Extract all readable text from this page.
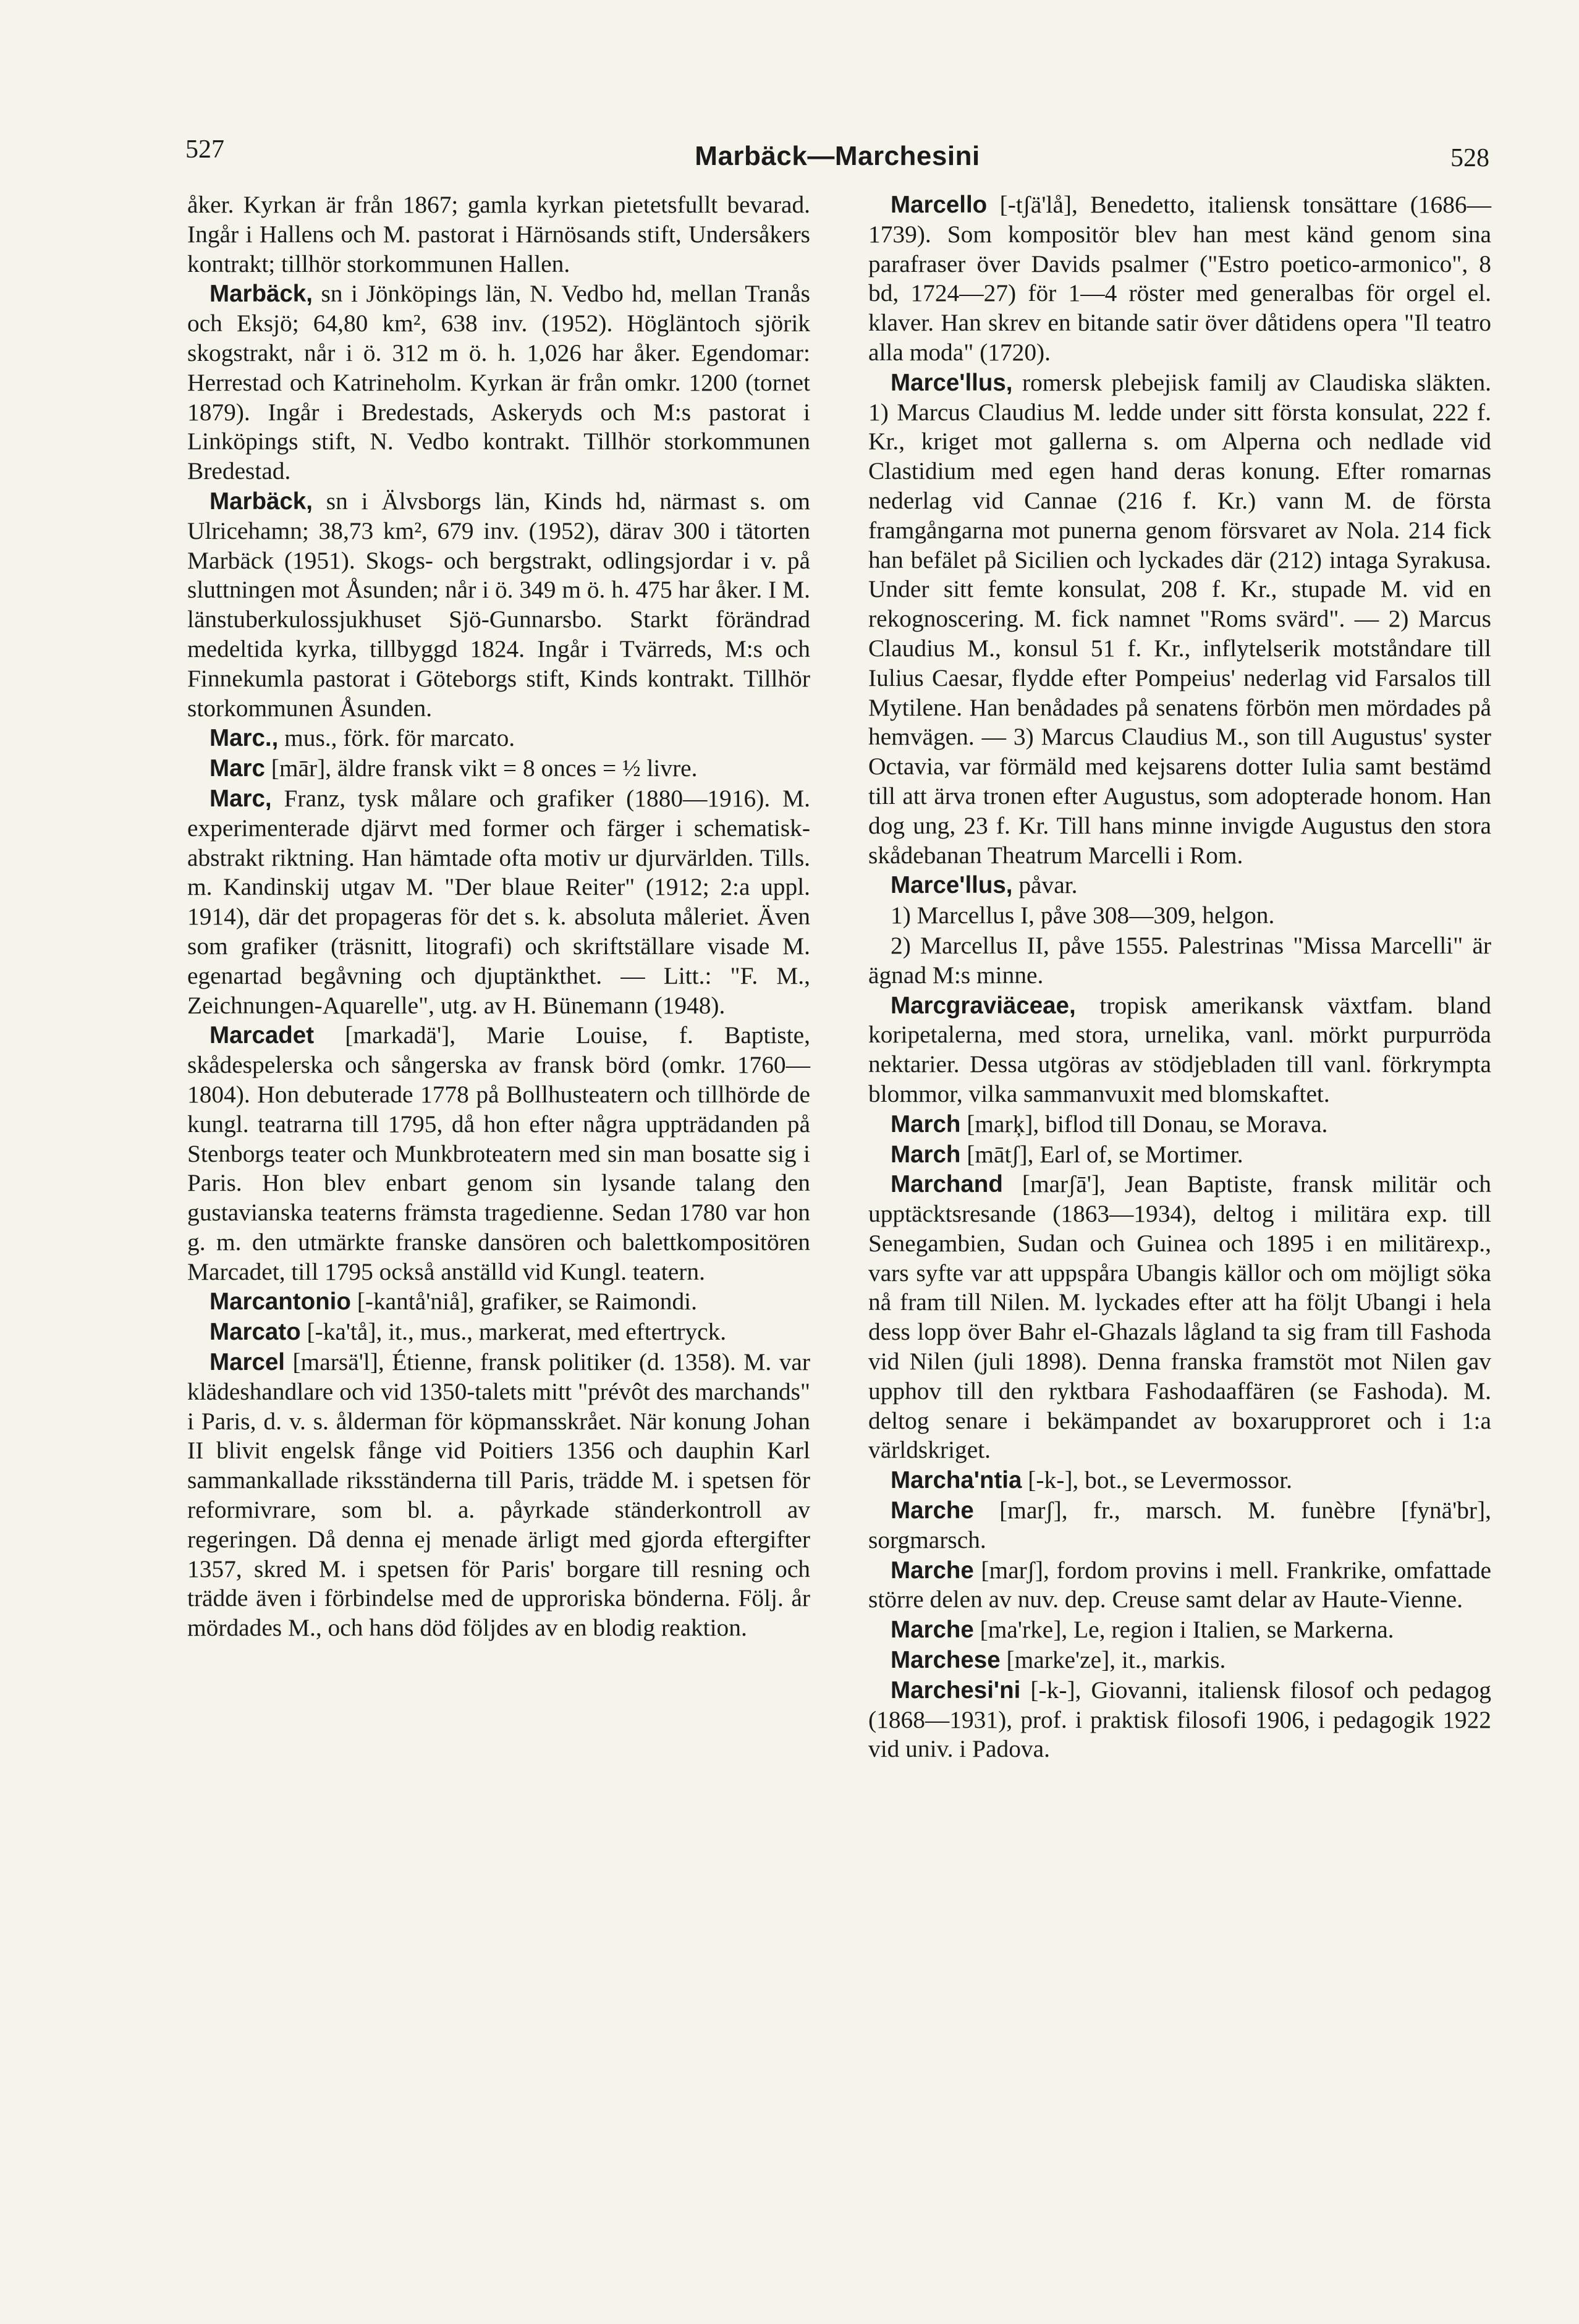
527	Marbäck—Marchesini	528

åker. Kyrkan är från 1867; gamla kyrkan pietetsfullt bevarad. Ingår i Hallens och M. pastorat i Härnösands stift, Undersåkers kontrakt; tillhör storkommunen Hallen.

Marbäck, sn i Jönköpings län, N. Vedbo hd, mellan Tranås och Eksjö; 64,80 km², 638 inv. (1952). Högläntoch sjörik skogstrakt, når i ö. 312 m ö. h. 1,026 har åker. Egendomar: Herrestad och Katrineholm. Kyrkan är från omkr. 1200 (tornet 1879). Ingår i Bredestads, Askeryds och M:s pastorat i Linköpings stift, N. Vedbo kontrakt. Tillhör storkommunen Bredestad.

Marbäck, sn i Älvsborgs län, Kinds hd, närmast s. om Ulricehamn; 38,73 km², 679 inv. (1952), därav 300 i tätorten Marbäck (1951). Skogs- och bergstrakt, odlingsjordar i v. på sluttningen mot Åsunden; når i ö. 349 m ö. h. 475 har åker. I M. länstuberkulossjukhuset Sjö-Gunnarsbo. Starkt förändrad medeltida kyrka, tillbyggd 1824. Ingår i Tvärreds, M:s och Finnekumla pastorat i Göteborgs stift, Kinds kontrakt. Tillhör storkommunen Åsunden.

Marc., mus., förk. för marcato.

Marc [mār], äldre fransk vikt = 8 onces = ½ livre.

Marc, Franz, tysk målare och grafiker (1880—1916). M. experimenterade djärvt med former och färger i schematisk-abstrakt riktning. Han hämtade ofta motiv ur djurvärlden. Tills. m. Kandinskij utgav M. "Der blaue Reiter" (1912; 2:a uppl. 1914), där det propageras för det s. k. absoluta måleriet. Även som grafiker (träsnitt, litografi) och skriftställare visade M. egenartad begåvning och djuptänkthet. — Litt.: "F. M., Zeichnungen-Aquarelle", utg. av H. Bünemann (1948).

Marcadet [markadä'], Marie Louise, f. Baptiste, skådespelerska och sångerska av fransk börd (omkr. 1760—1804). Hon debuterade 1778 på Bollhusteatern och tillhörde de kungl. teatrarna till 1795, då hon efter några uppträdanden på Stenborgs teater och Munkbroteatern med sin man bosatte sig i Paris. Hon blev enbart genom sin lysande talang den gustavianska teaterns främsta tragedienne. Sedan 1780 var hon g. m. den utmärkte franske dansören och balettkompositören Marcadet, till 1795 också anställd vid Kungl. teatern.

Marcantonio [-kantå'niå], grafiker, se Raimondi.

Marcato [-ka'tå], it., mus., markerat, med eftertryck.

Marcel [marsä'l], Étienne, fransk politiker (d. 1358). M. var klädeshandlare och vid 1350-talets mitt "prévôt des marchands" i Paris, d. v. s. ålderman för köpmansskrået. När konung Johan II blivit engelsk fånge vid Poitiers 1356 och dauphin Karl sammankallade riksständerna till Paris, trädde M. i spetsen för reformivrare, som bl. a. påyrkade ständerkontroll av regeringen. Då denna ej menade ärligt med gjorda eftergifter 1357, skred M. i spetsen för Paris' borgare till resning och trädde även i förbindelse med de upproriska bönderna. Följ. år mördades M., och hans död följdes av en blodig reaktion.

Marcello [-tʃä'lå], Benedetto, italiensk tonsättare (1686—1739). Som kompositör blev han mest känd genom sina parafraser över Davids psalmer ("Estro poetico-armonico", 8 bd, 1724—27) för 1—4 röster med generalbas för orgel el. klaver. Han skrev en bitande satir över dåtidens opera "Il teatro alla moda" (1720).

Marce'llus, romersk plebejisk familj av Claudiska släkten. 1) Marcus Claudius M. ledde under sitt första konsulat, 222 f. Kr., kriget mot gallerna s. om Alperna och nedlade vid Clastidium med egen hand deras konung. Efter romarnas nederlag vid Cannae (216 f. Kr.) vann M. de första framgångarna mot punerna genom försvaret av Nola. 214 fick han befälet på Sicilien och lyckades där (212) intaga Syrakusa. Under sitt femte konsulat, 208 f. Kr., stupade M. vid en rekognoscering. M. fick namnet "Roms svärd". — 2) Marcus Claudius M., konsul 51 f. Kr., inflytelserik motståndare till Iulius Caesar, flydde efter Pompeius' nederlag vid Farsalos till Mytilene. Han benådades på senatens förbön men mördades på hemvägen. — 3) Marcus Claudius M., son till Augustus' syster Octavia, var förmäld med kejsarens dotter Iulia samt bestämd till att ärva tronen efter Augustus, som adopterade honom. Han dog ung, 23 f. Kr. Till hans minne invigde Augustus den stora skådebanan Theatrum Marcelli i Rom.

Marce'llus, påvar.

1) Marcellus I, påve 308—309, helgon.

2) Marcellus II, påve 1555. Palestrinas "Missa Marcelli" är ägnad M:s minne.

Marcgraviäceae, tropisk amerikansk växtfam. bland koripetalerna, med stora, urnelika, vanl. mörkt purpurröda nektarier. Dessa utgöras av stödjebladen till vanl. förkrympta blommor, vilka sammanvuxit med blomskaftet.

March [marķ], biflod till Donau, se Morava.

March [mātʃ], Earl of, se Mortimer.

Marchand [marʃā'], Jean Baptiste, fransk militär och upptäcktsresande (1863—1934), deltog i militära exp. till Senegambien, Sudan och Guinea och 1895 i en militärexp., vars syfte var att uppspåra Ubangis källor och om möjligt söka nå fram till Nilen. M. lyckades efter att ha följt Ubangi i hela dess lopp över Bahr el-Ghazals lågland ta sig fram till Fashoda vid Nilen (juli 1898). Denna franska framstöt mot Nilen gav upphov till den ryktbara Fashodaaffären (se Fashoda). M. deltog senare i bekämpandet av boxarupproret och i 1:a världskriget.

Marcha'ntia [-k-], bot., se Levermossor.

Marche [marʃ], fr., marsch. M. funèbre [fynä'br], sorgmarsch.

Marche [marʃ], fordom provins i mell. Frankrike, omfattade större delen av nuv. dep. Creuse samt delar av Haute-Vienne.

Marche [ma'rke], Le, region i Italien, se Markerna.

Marchese [marke'ze], it., markis.

Marchesi'ni [-k-], Giovanni, italiensk filosof och pedagog (1868—1931), prof. i praktisk filosofi 1906, i pedagogik 1922 vid univ. i Padova.
